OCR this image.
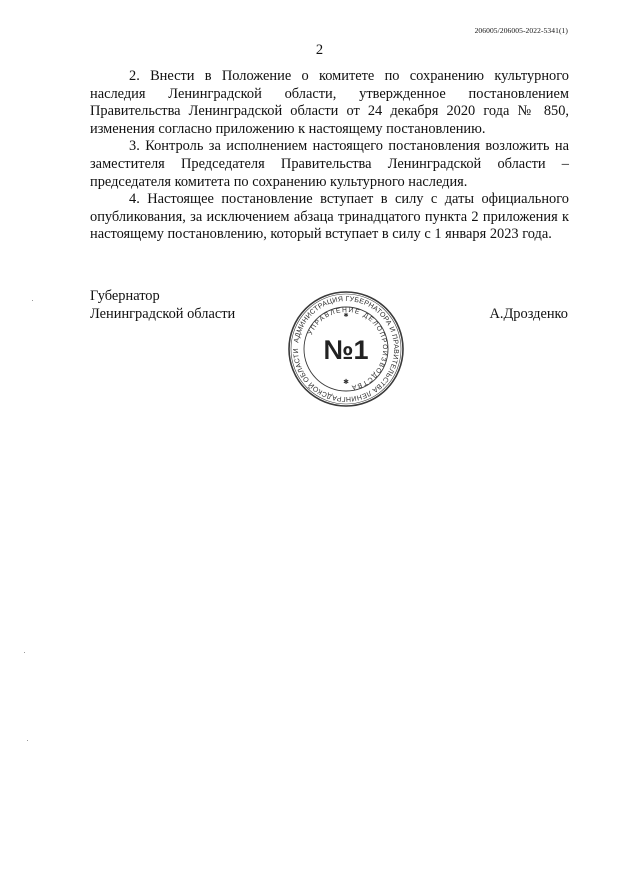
206005/206005-2022-5341(1)
2

2. Внести в Положение о комитете по сохранению культурного наследия Ленинградской области, утвержденное постановлением Правительства Ленинградской области от 24 декабря 2020 года № 850, изменения согласно приложению к настоящему постановлению.

3. Контроль за исполнением настоящего постановления возложить на заместителя Председателя Правительства Ленинградской области – председателя комитета по сохранению культурного наследия.

4. Настоящее постановление вступает в силу с даты официального опубликования, за исключением абзаца тринадцатого пункта 2 приложения к настоящему постановлению, который вступает в силу с 1 января 2023 года.

Губернатор
Ленинградской области	А.Дрозденко
АДМИНИСТРАЦИЯ ГУБЕРНАТОРА И ПРАВИТЕЛЬСТВА ЛЕНИНГРАДСКОЙ ОБЛАСТИ
УПРАВЛЕНИЕ ДЕЛОПРОИЗВОДСТВА
№1
✱
✱
